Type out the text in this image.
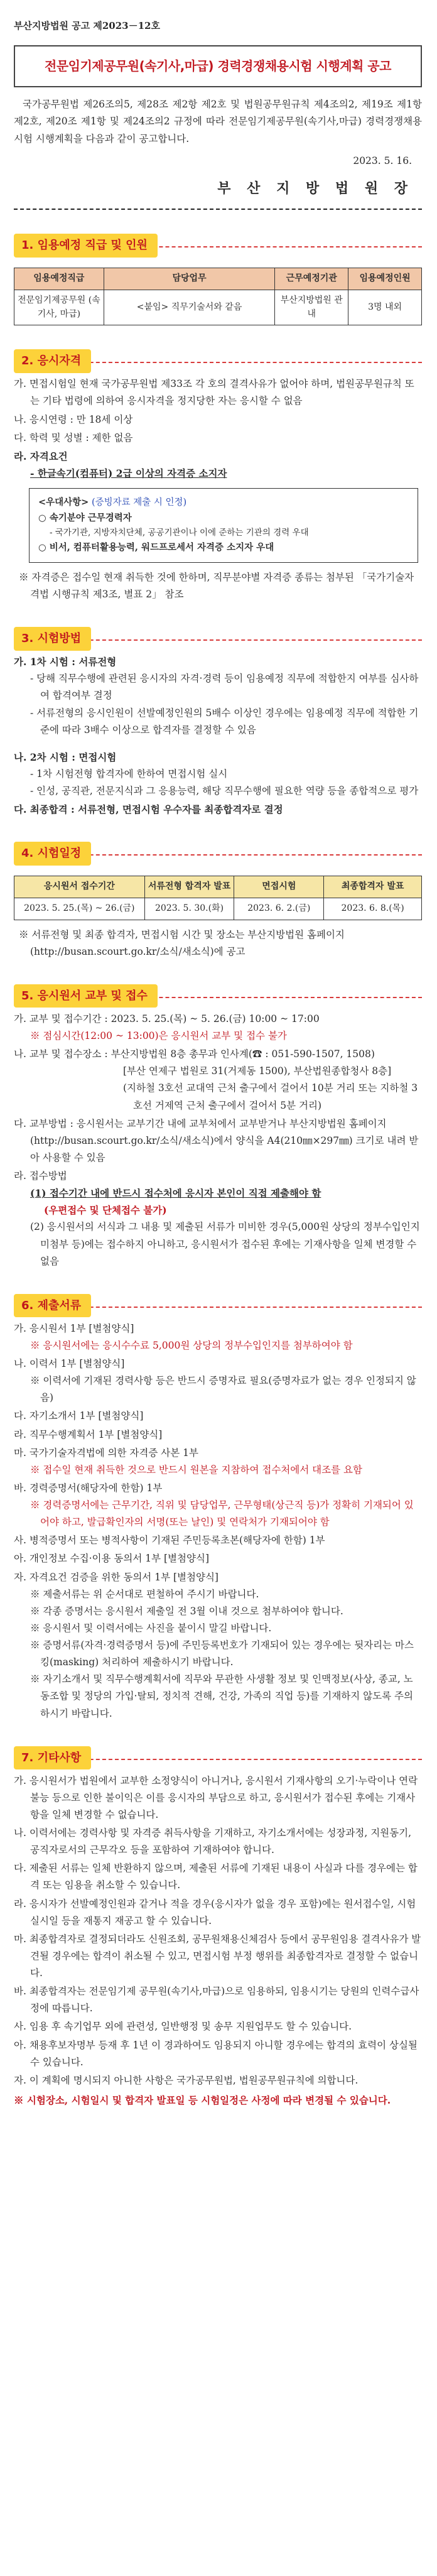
부산지방법원 공고 제2023－12호
전문임기제공무원(속기사,마급) 경력경쟁채용시험 시행계획 공고

국가공무원법 제26조의5, 제28조 제2항 제2호 및 법원공무원규칙 제4조의2, 제19조 제1항 제2호, 제20조 제1항 및 제24조의2 규정에 따라 전문임기제공무원(속기사,마급) 경력경쟁채용시험 시행계획을 다음과 같이 공고합니다.

2023. 5. 16.
부 산 지 방 법 원 장
1. 임용예정 직급 및 인원
임용예정직급	담당업무	근무예정기관	임용예정인원
전문임기제공무원 (속기사, 마급)	<붙임> 직무기술서와 같음	부산지방법원 관내	3명 내외
2. 응시자격

가. 면접시험일 현재 국가공무원법 제33조 각 호의 결격사유가 없어야 하며, 법원공무원규칙 또는 기타 법령에 의하여 응시자격을 정지당한 자는 응시할 수 없음

나. 응시연령 : 만 18세 이상

다. 학력 및 성별 : 제한 없음

라. 자격요건

- 한글속기(컴퓨터) 2급 이상의 자격증 소지자

<우대사항> (증빙자료 제출 시 인정)
○ 속기분야 근무경력자
- 국가기관, 지방자치단체, 공공기관이나 이에 준하는 기관의 경력 우대
○ 비서, 컴퓨터활용능력, 워드프로세서 자격증 소지자 우대

※ 자격증은 접수일 현재 취득한 것에 한하며, 직무분야별 자격증 종류는 첨부된 「국가기술자격법 시행규칙 제3조, 별표 2」 참조

3. 시험방법

가. 1차 시험 : 서류전형

- 당해 직무수행에 관련된 응시자의 자격·경력 등이 임용예정 직무에 적합한지 여부를 심사하여 합격여부 결정

- 서류전형의 응시인원이 선발예정인원의 5배수 이상인 경우에는 임용예정 직무에 적합한 기준에 따라 3배수 이상으로 합격자를 결정할 수 있음

나. 2차 시험 : 면접시험

- 1차 시험전형 합격자에 한하여 면접시험 실시

- 인성, 공직관, 전문지식과 그 응용능력, 해당 직무수행에 필요한 역량 등을 종합적으로 평가

다. 최종합격 : 서류전형, 면접시험 우수자를 최종합격자로 결정

4. 시험일정
응시원서 접수기간	서류전형 합격자 발표	면접시험	최종합격자 발표
2023. 5. 25.(목) ~ 26.(금)	2023. 5. 30.(화)	2023. 6. 2.(금)	2023. 6. 8.(목)

※ 서류전형 및 최종 합격자, 면접시험 시간 및 장소는 부산지방법원 홈페이지(http://busan.scourt.go.kr/소식/새소식)에 공고

5. 응시원서 교부 및 접수

가. 교부 및 접수기간 : 2023. 5. 25.(목) ~ 5. 26.(금) 10:00 ~ 17:00

※ 점심시간(12:00 ~ 13:00)은 응시원서 교부 및 접수 불가

나. 교부 및 접수장소 : 부산지방법원 8층 총무과 인사계(☎ : 051-590-1507, 1508)

[부산 연제구 법원로 31(거제동 1500), 부산법원종합청사 8층]

(지하철 3호선 교대역 근처 출구에서 걸어서 10분 거리 또는 지하철 3호선 거제역 근처 출구에서 걸어서 5분 거리)

다. 교부방법 : 응시원서는 교부기간 내에 교부처에서 교부받거나 부산지방법원 홈페이지(http://busan.scourt.go.kr/소식/새소식)에서 양식을 A4(210㎜×297㎜) 크기로 내려 받아 사용할 수 있음

라. 접수방법

(1) 접수기간 내에 반드시 접수처에 응시자 본인이 직접 제출해야 함

(우편접수 및 단체접수 불가)

(2) 응시원서의 서식과 그 내용 및 제출된 서류가 미비한 경우(5,000원 상당의 정부수입인지 미첨부 등)에는 접수하지 아니하고, 응시원서가 접수된 후에는 기재사항을 일체 변경할 수 없음

6. 제출서류

가. 응시원서 1부 [별첨양식]

※ 응시원서에는 응시수수료 5,000원 상당의 정부수입인지를 첨부하여야 함

나. 이력서 1부 [별첨양식]

※ 이력서에 기재된 경력사항 등은 반드시 증명자료 필요(증명자료가 없는 경우 인정되지 않음)

다. 자기소개서 1부 [별첨양식]

라. 직무수행계획서 1부 [별첨양식]

마. 국가기술자격법에 의한 자격증 사본 1부

※ 접수일 현재 취득한 것으로 반드시 원본을 지참하여 접수처에서 대조를 요함

바. 경력증명서(해당자에 한함) 1부

※ 경력증명서에는 근무기간, 직위 및 담당업무, 근무형태(상근직 등)가 정확히 기재되어 있어야 하고, 발급확인자의 서명(또는 날인) 및 연락처가 기재되어야 함

사. 병적증명서 또는 병적사항이 기재된 주민등록초본(해당자에 한함) 1부

아. 개인정보 수집·이용 동의서 1부 [별첨양식]

자. 자격요건 검증을 위한 동의서 1부 [별첨양식]

※ 제출서류는 위 순서대로 편철하여 주시기 바랍니다.

※ 각종 증명서는 응시원서 제출일 전 3월 이내 것으로 첨부하여야 합니다.

※ 응시원서 및 이력서에는 사진을 붙이시 말길 바랍니다.

※ 증명서류(자격·경력증명서 등)에 주민등록번호가 기재되어 있는 경우에는 뒷자리는 마스킹(masking) 처리하여 제출하시기 바랍니다.

※ 자기소개서 및 직무수행계획서에 직무와 무관한 사생활 정보 및 인맥정보(사상, 종교, 노동조합 및 정당의 가입·탈퇴, 정치적 견해, 건강, 가족의 직업 등)를 기재하지 않도록 주의하시기 바랍니다.

7. 기타사항

가. 응시원서가 법원에서 교부한 소정양식이 아니거나, 응시원서 기재사항의 오기·누락이나 연락불능 등으로 인한 불이익은 이를 응시자의 부담으로 하고, 응시원서가 접수된 후에는 기재사항을 일체 변경할 수 없습니다.

나. 이력서에는 경력사항 및 자격증 취득사항을 기재하고, 자기소개서에는 성장과정, 지원동기, 공직자로서의 근무각오 등을 포함하여 기재하여야 합니다.

다. 제출된 서류는 일체 반환하지 않으며, 제출된 서류에 기재된 내용이 사실과 다를 경우에는 합격 또는 임용을 취소할 수 있습니다.

라. 응시자가 선발예정인원과 같거나 적을 경우(응시자가 없을 경우 포함)에는 원서접수일, 시험실시일 등을 재통지 재공고 할 수 있습니다.

마. 최종합격자로 결정되더라도 신원조회, 공무원채용신체검사 등에서 공무원임용 결격사유가 발견될 경우에는 합격이 취소될 수 있고, 면접시험 부정 행위를 최종합격자로 결정할 수 없습니다.

바. 최종합격자는 전문임기제 공무원(속기사,마급)으로 임용하되, 임용시기는 당원의 인력수급사정에 따릅니다.

사. 임용 후 속기업무 외에 관련성, 일반행정 및 송무 지원업무도 할 수 있습니다.

아. 채용후보자명부 등재 후 1년 이 경과하여도 임용되지 아니할 경우에는 합격의 효력이 상실될 수 있습니다.

자. 이 계획에 명시되지 아니한 사항은 국가공무원법, 법원공무원규칙에 의합니다.

※ 시험장소, 시험일시 및 합격자 발표일 등 시험일정은 사정에 따라 변경될 수 있습니다.
